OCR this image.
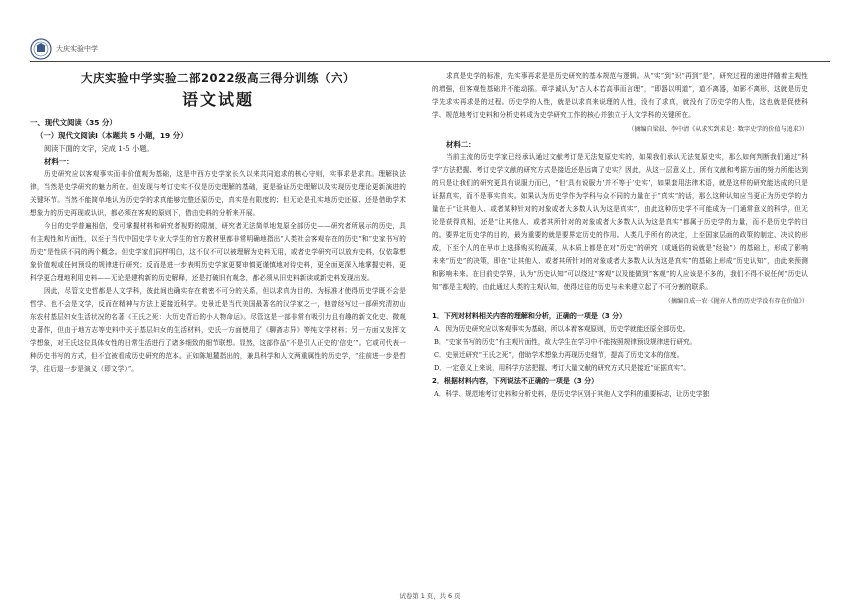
大庆实验中学

大庆实验中学实验二部2022级高三得分训练（六）

语文试题

一、现代文阅读（35 分）

（一）现代文阅读Ⅰ（本题共 5 小题，19 分）

阅读下面的文字，完成 1-5 小题。

材料一：

历史研究应以客观事实而非价值观为基础，这是中西方史学家长久以来共同追求的核心守则，实事求是求真。理解执法律，当然是史学研究的魅力所在。但发现与考订史实不仅是历史理解的基础，更是验证历史理解以及实现历史理论更新演进的关键环节。当然不能简单地认为历史学的求真能够完整还原历史，真实是有限度的；但无论是孔实地历史还原、还是借助学术想象力的历史再现或认识，都必须在客观的原则下，借由史料的分析来开展。

今日的史学普遍相信，受可掌握材料和研究者视野的限制，研究者无法简单地复原全部历史——研究者所展示的历史，具有主观性和片面性，以至于当代中国史学专业大学生的官方教材里都非常明确地指出“人类社会客观存在的历史”和“史家书写的历史”是性质不同的两个概念。但史学家们同样明白，这不仅不可以被理解为史料无用，或者史学研究可以放弃史料，仅依靠想象价值观或任何预设的规律进行研究；反而是进一步表明历史学家更要审慎更谨慎地对待史料，更全面更深入地掌握史料，更科学更合理地利用史料——无论是建构新的历史解释，还是打破旧有观念，都必须从旧史料新读或新史料发现出发。

因此，尽管文史哲都是人文学科，彼此间也确实存在着密不可分的关系，但以求真为目的、为标准才使得历史学既不会是哲学、也不会是文学，反而在精神与方法上更接近科学。史景迁是当代美国最著名的汉学家之一，他曾经写过一部研究清初山东农村基层妇女生活状况的名著《王氏之死：大历史背后的小人物命运》。尽管这是一部非常有吸引力且有趣的新文化史、微观史著作，但由于地方志等史料中关于基层妇女的生活材料，史氏一方面使用了《聊斋志异》等纯文学材料；另一方面又发挥文学想象，对王氏这位具体女性的日常生活进行了诸多细致的细节联想。显然，这部作品“不是引人正史的‘信史’”。它或可代表一种历史书写的方式，但不宜被看成历史研究的范本。正如陈旭麓指出的，兼具科学和人文两重属性的历史学，“往前进一步是哲学，往后退一步是演义（即文学）”。

求真是史学的标准，先实事再求是是历史研究的基本规范与逻辑。从“实”到“识”再到“是”，研究过程的递进伴随着主观性的增强，但客观性基础并不能动摇。章学诚认为“古人本若高事而言理”，“即器以明道”，道不离器，如影不离形，这就是历史学先求实再求是的过程。历史学的人性，就是以求真来说理的人性，没有了求真，就没有了历史学的人性，这也就是促使科学、规范地考订史料和分析史料成为史学研究工作的核心并独立于人文学科的关键所在。

（摘编自梁晨、李中清《从求实到求是：数字史学的价值与追求》）

材料二：

当前主流的历史学家已经承认通过文献考订是无法复原史实的，如果我们承认无法复原史实，那么如何判断我们通过“科学”方法把握、考订史学文献的研究方式是接近还是远离了史实？因此，从这一层意义上，所有文献和考据方面的努力所能达到的只是让我们的研究更具有说服力而已，“但‘具有说服力’并不等于‘史实’，如果套用法律术语，就是这样的研究能达成的只是证据真实，而不是事实真实。如果认为历史学作为学科与众不同的力量在于“真实”的话，那么这种认知应当更正为历史学的力量在于“让其他人、或者某种针对的对象或者大多数人认为这是真实”，由此这种历史学不可能成为一门通常意义的科学，但无论是获得真相，还是“让其他人、或者其所针对的对象或者大多数人认为这是真实”都属于历史学的力量，而不是历史学的目的。要界定历史学的目的，最为重要的就是要界定历史的作用。人类几乎所有的决定，上至国家层面的政策的制定、决议的形成，下至个人的在早市上选择购买的蔬菜，从本质上都是在对“历史”的研究（或通俗的说就是“经验”）的基础上，形成了影响未来“历史”的决策，即在“让其他人、或者其所针对的对象或者大多数人认为这是真实”的基础上形成“历史认知”，由此来预测和影响未来。在目前史学界，认为“历史认知”可以绕过“客观”以及能做到“客观”的人应该是不多的，我们不得不说任何“历史认知”都是主观的，由此通过人类的主观认知，使得过往的历史与未来建立起了不可分割的联系。

（摘编自成一农《抛弃人性的历史学没有存在价值》）

1．下列对材料相关内容的理解和分析，正确的一项是（3 分）

A．因为历史研究应以客观事实为基础，所以本着客观原则，历史学就能还原全部历史。

B．“史家书写的历史”有主观片面性，故大学生在学习中不能按照规律预设规律进行研究。

C．史景迁研究“王氏之死”，借助学术想象力再现历史细节，提高了历史文本的信度。

D．一定意义上来说，用科学方法把握、考订大量文献的研究方式只是接近“证据真实”。

2．根据材料内容，下列说法不正确的一项是（3 分）

A．科学、规范地考订史料和分析史料，是历史学区别于其他人文学科的重要标志，让历史学独

试卷第 1 页，共 6 页
